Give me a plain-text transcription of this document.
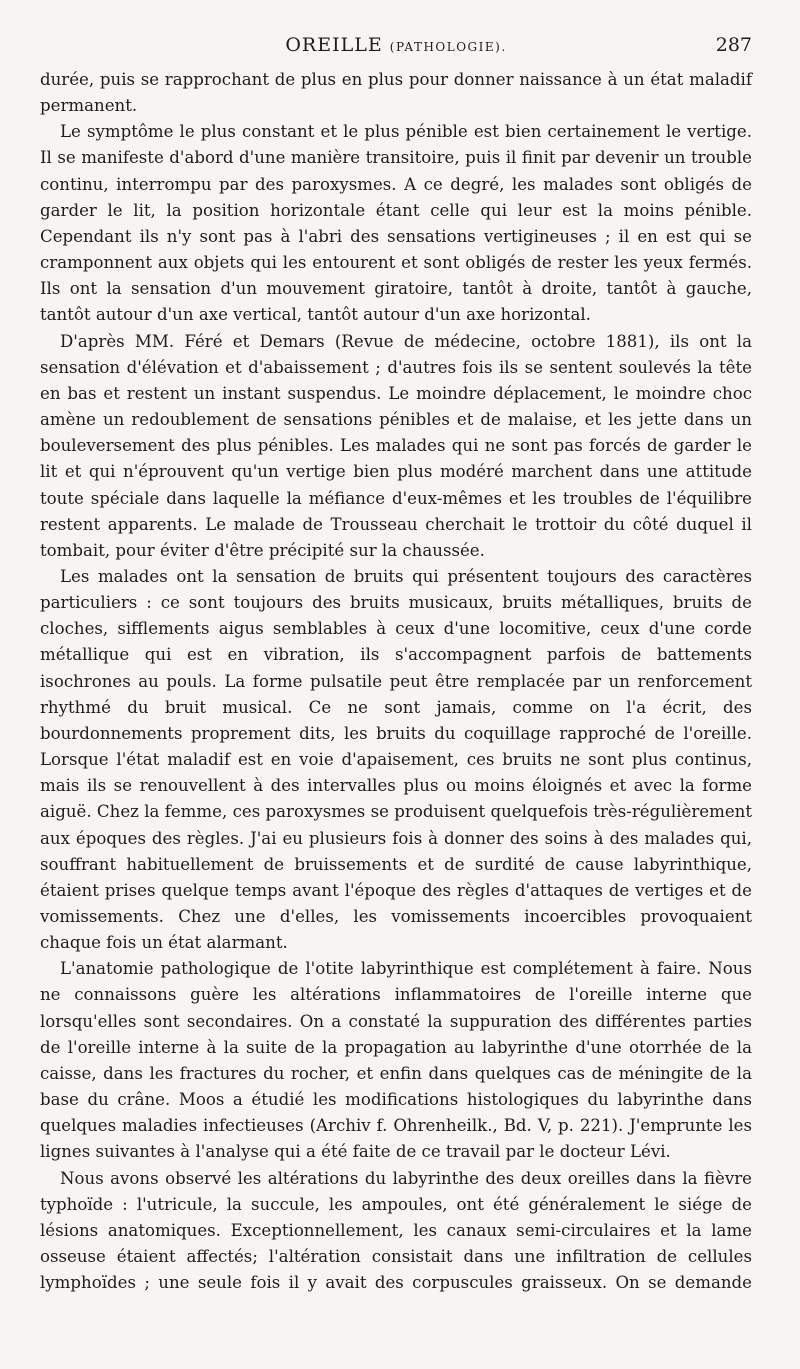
OREILLE (PATHOLOGIE).	287

durée, puis se rapprochant de plus en plus pour donner naissance à un état maladif permanent.

Le symptôme le plus constant et le plus pénible est bien certainement le vertige. Il se manifeste d'abord d'une manière transitoire, puis il finit par devenir un trouble continu, interrompu par des paroxysmes. A ce degré, les malades sont obligés de garder le lit, la position horizontale étant celle qui leur est la moins pénible. Cependant ils n'y sont pas à l'abri des sensations vertigineuses ; il en est qui se cramponnent aux objets qui les entourent et sont obligés de rester les yeux fermés. Ils ont la sensation d'un mouvement giratoire, tantôt à droite, tantôt à gauche, tantôt autour d'un axe vertical, tantôt autour d'un axe horizontal.

D'après MM. Féré et Demars (Revue de médecine, octobre 1881), ils ont la sensation d'élévation et d'abaissement ; d'autres fois ils se sentent soulevés la tête en bas et restent un instant suspendus. Le moindre déplacement, le moindre choc amène un redoublement de sensations pénibles et de malaise, et les jette dans un bouleversement des plus pénibles. Les malades qui ne sont pas forcés de garder le lit et qui n'éprouvent qu'un vertige bien plus modéré marchent dans une attitude toute spéciale dans laquelle la méfiance d'eux-mêmes et les troubles de l'équilibre restent apparents. Le malade de Trousseau cherchait le trottoir du côté duquel il tombait, pour éviter d'être précipité sur la chaussée.

Les malades ont la sensation de bruits qui présentent toujours des caractères particuliers : ce sont toujours des bruits musicaux, bruits métalliques, bruits de cloches, sifflements aigus semblables à ceux d'une locomitive, ceux d'une corde métallique qui est en vibration, ils s'accompagnent parfois de battements isochrones au pouls. La forme pulsatile peut être remplacée par un renforcement rhythmé du bruit musical. Ce ne sont jamais, comme on l'a écrit, des bourdonnements proprement dits, les bruits du coquillage rapproché de l'oreille. Lorsque l'état maladif est en voie d'apaisement, ces bruits ne sont plus continus, mais ils se renouvellent à des intervalles plus ou moins éloignés et avec la forme aiguë. Chez la femme, ces paroxysmes se produisent quelquefois très-régulièrement aux époques des règles. J'ai eu plusieurs fois à donner des soins à des malades qui, souffrant habituellement de bruissements et de surdité de cause labyrinthique, étaient prises quelque temps avant l'époque des règles d'attaques de vertiges et de vomissements. Chez une d'elles, les vomissements incoercibles provoquaient chaque fois un état alarmant.

L'anatomie pathologique de l'otite labyrinthique est complétement à faire. Nous ne connaissons guère les altérations inflammatoires de l'oreille interne que lorsqu'elles sont secondaires. On a constaté la suppuration des différentes parties de l'oreille interne à la suite de la propagation au labyrinthe d'une otorrhée de la caisse, dans les fractures du rocher, et enfin dans quelques cas de méningite de la base du crâne. Moos a étudié les modifications histologiques du labyrinthe dans quelques maladies infectieuses (Archiv f. Ohrenheilk., Bd. V, p. 221). J'emprunte les lignes suivantes à l'analyse qui a été faite de ce travail par le docteur Lévi.

Nous avons observé les altérations du labyrinthe des deux oreilles dans la fièvre typhoïde : l'utricule, la succule, les ampoules, ont été généralement le siége de lésions anatomiques. Exceptionnellement, les canaux semi-circulaires et la lame osseuse étaient affectés; l'altération consistait dans une infiltration de cellules lymphoïdes ; une seule fois il y avait des corpuscules graisseux. On se demande
